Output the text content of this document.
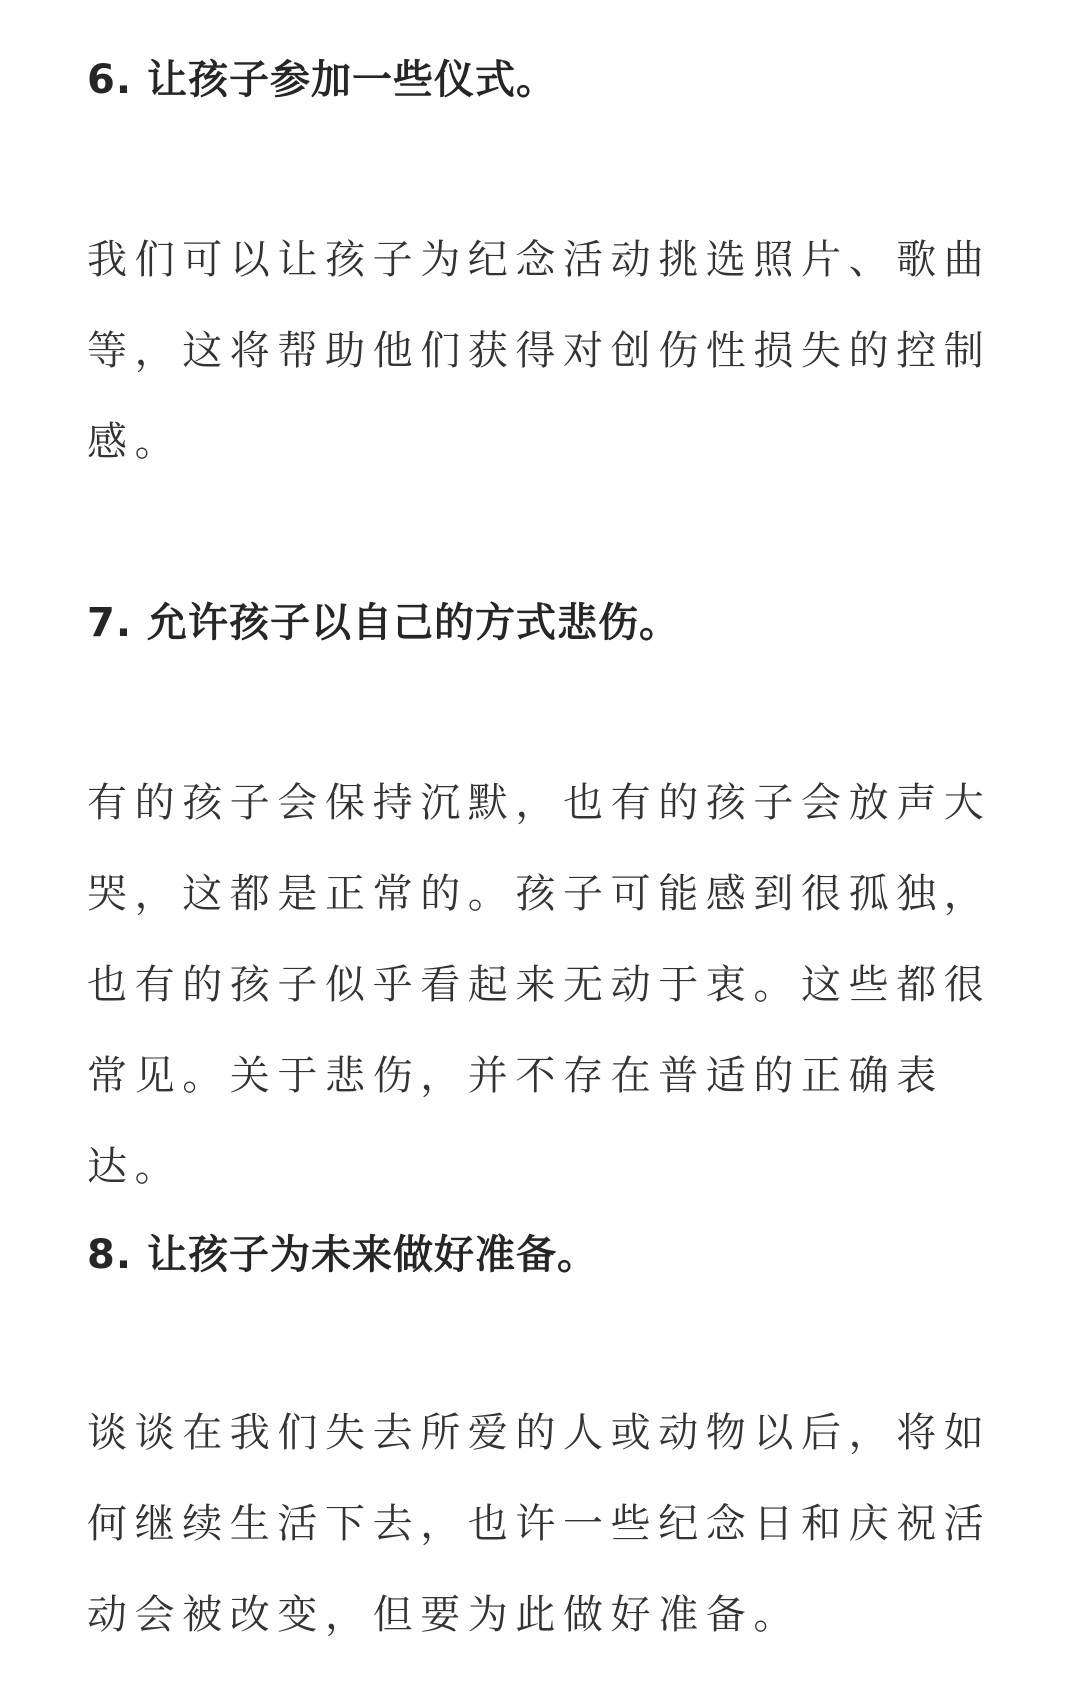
6. 让孩子参加一些仪式。

我们可以让孩子为纪念活动挑选照片、歌曲等，这将帮助他们获得对创伤性损失的控制感。

7. 允许孩子以自己的方式悲伤。

有的孩子会保持沉默，也有的孩子会放声大哭，这都是正常的。孩子可能感到很孤独，也有的孩子似乎看起来无动于衷。这些都很常见。关于悲伤，并不存在普适的正确表达。

8. 让孩子为未来做好准备。

谈谈在我们失去所爱的人或动物以后，将如何继续生活下去，也许一些纪念日和庆祝活动会被改变，但要为此做好准备。
